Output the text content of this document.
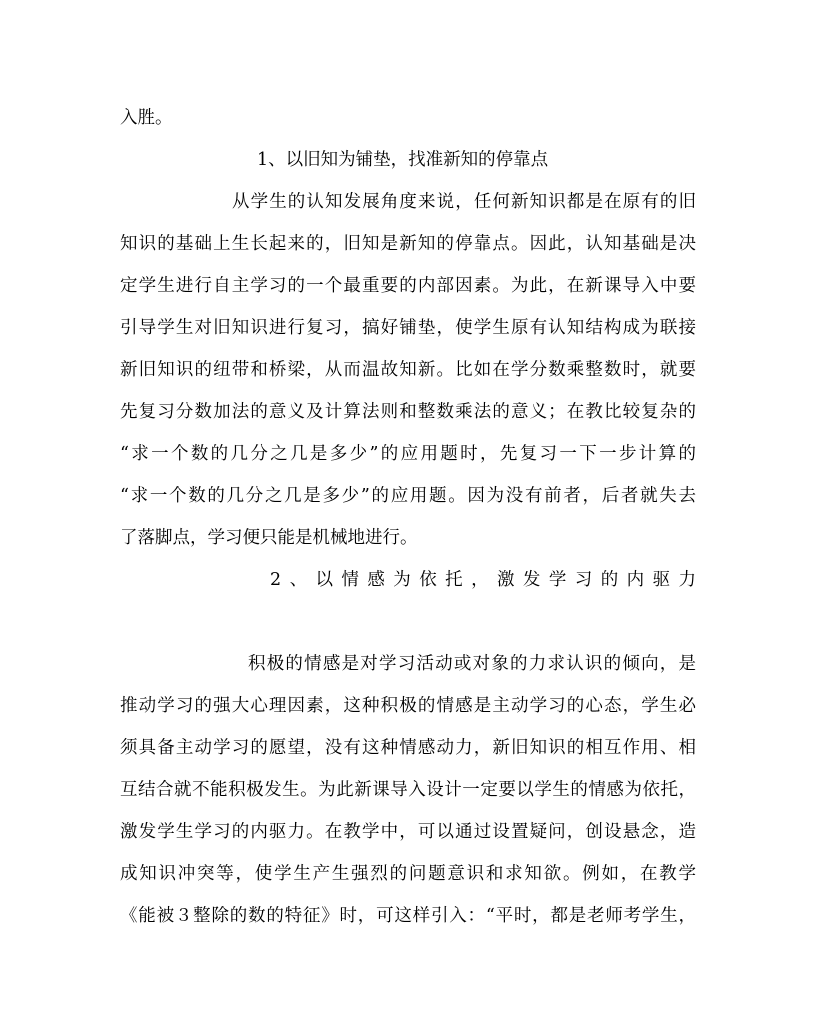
入胜。
1、以旧知为铺垫，找准新知的停靠点
从学生的认知发展角度来说，任何新知识都是在原有的旧
知识的基础上生长起来的，旧知是新知的停靠点。因此，认知基础是决
定学生进行自主学习的一个最重要的内部因素。为此，在新课导入中要
引导学生对旧知识进行复习，搞好铺垫，使学生原有认知结构成为联接
新旧知识的纽带和桥梁，从而温故知新。比如在学分数乘整数时，就要
先复习分数加法的意义及计算法则和整数乘法的意义；在教比较复杂的
“求一个数的几分之几是多少”的应用题时，先复习一下一步计算的
“求一个数的几分之几是多少”的应用题。因为没有前者，后者就失去
了落脚点，学习便只能是机械地进行。
2、以情感为依托，激发学习的内驱力
积极的情感是对学习活动或对象的力求认识的倾向，是
推动学习的强大心理因素，这种积极的情感是主动学习的心态，学生必
须具备主动学习的愿望，没有这种情感动力，新旧知识的相互作用、相
互结合就不能积极发生。为此新课导入设计一定要以学生的情感为依托，
激发学生学习的内驱力。在教学中，可以通过设置疑问，创设悬念，造
成知识冲突等，使学生产生强烈的问题意识和求知欲。例如，在教学
《能被３整除的数的特征》时，可这样引入：“平时，都是老师考学生，
